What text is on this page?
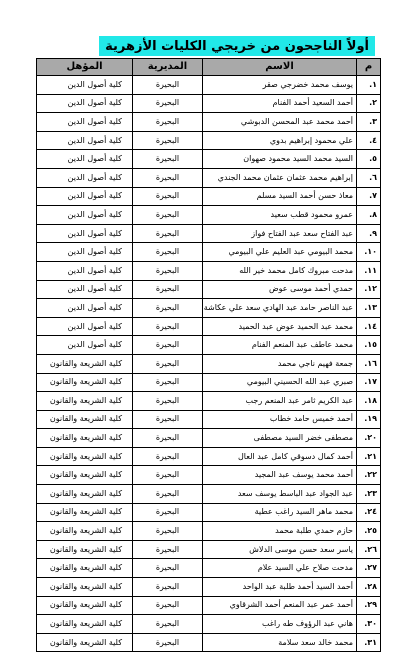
أولاً الناجحون من خريجي الكليات الأزهرية
م	الاسم	المديرية	المؤهل
١.	يوسف محمد خضرجي صقر	البحيرة	كلية أصول الدين
٢.	أحمد السعيد أحمد الفنام	البحيرة	كلية أصول الدين
٣.	أحمد محمد عبد المحسن الدبوشي	البحيرة	كلية أصول الدين
٤.	علي محمود إبراهيم بدوي	البحيرة	كلية أصول الدين
٥.	السيد محمد السيد محمود صهوان	البحيرة	كلية أصول الدين
٦.	إبراهيم محمد عثمان عثمان محمد الجندي	البحيرة	كلية أصول الدين
٧.	معاذ حسن أحمد السيد مسلم	البحيرة	كلية أصول الدين
٨.	عمرو محمود قطب سعيد	البحيرة	كلية أصول الدين
٩.	عبد الفتاح سعد عبد الفتاح فواز	البحيرة	كلية أصول الدين
١٠.	محمد البيومي عبد العليم علي البيومي	البحيرة	كلية أصول الدين
١١.	مدحت مبروك كامل محمد خير الله	البحيرة	كلية أصول الدين
١٢.	حمدي أحمد موسى عوض	البحيرة	كلية أصول الدين
١٣.	عبد الناصر حامد عبد الهادي سعد علي عكاشة	البحيرة	كلية أصول الدين
١٤.	محمد عبد الحميد عوض عبد الحميد	البحيرة	كلية أصول الدين
١٥.	محمد عاطف عبد المنعم الفنام	البحيرة	كلية أصول الدين
١٦.	جمعة فهيم ناجي محمد	البحيرة	كلية الشريعة والقانون
١٧.	صبري عبد الله الحسيني البيومي	البحيرة	كلية الشريعة والقانون
١٨.	عبد الكريم ثامر عبد المنعم رجب	البحيرة	كلية الشريعة والقانون
١٩.	أحمد خميس حامد خطاب	البحيرة	كلية الشريعة والقانون
٢٠.	مصطفى خضر السيد مصطفى	البحيرة	كلية الشريعة والقانون
٢١.	أحمد كمال دسوقي كامل عبد العال	البحيرة	كلية الشريعة والقانون
٢٢.	أحمد محمد يوسف عبد المجيد	البحيرة	كلية الشريعة والقانون
٢٣.	عبد الجواد عبد الباسط يوسف سعد	البحيرة	كلية الشريعة والقانون
٢٤.	محمد ماهر السيد راغب عطية	البحيرة	كلية الشريعة والقانون
٢٥.	حازم حمدي طلبة محمد	البحيرة	كلية الشريعة والقانون
٢٦.	ياسر سعد حسن موسى الدلاش	البحيرة	كلية الشريعة والقانون
٢٧.	مدحت صلاح علي السيد علام	البحيرة	كلية الشريعة والقانون
٢٨.	أحمد السيد أحمد طلبة عبد الواحد	البحيرة	كلية الشريعة والقانون
٢٩.	أحمد عمر عبد المنعم أحمد الشرقاوي	البحيرة	كلية الشريعة والقانون
٣٠.	هاني عبد الرؤوف طه راغب	البحيرة	كلية الشريعة والقانون
٣١.	محمد خالد سعد سلامة	البحيرة	كلية الشريعة والقانون
